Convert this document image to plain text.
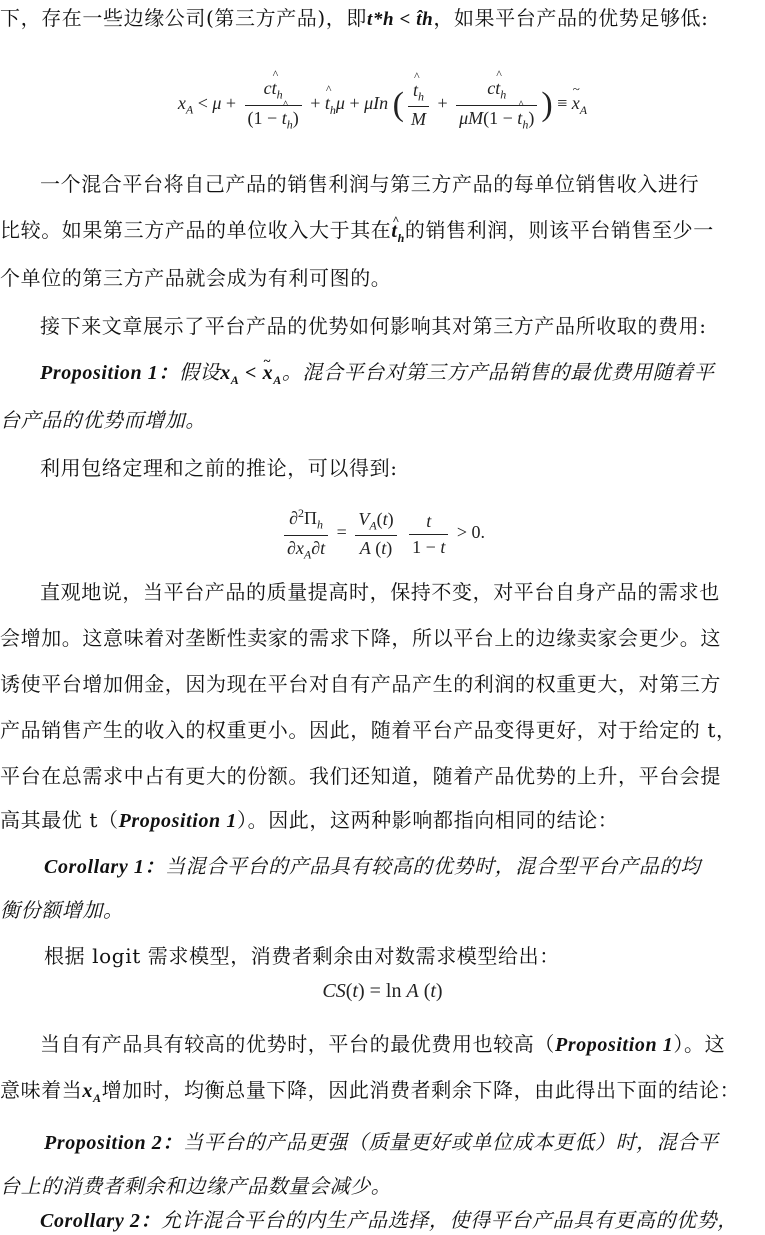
下，存在一些边缘公司(第三方产品)，即t*h < t̂h，如果平台产品的优势足够低:
$x_A < \mu + \frac{ct \^{}_h}{(1 - t \^{}_h)} + t$ $\^{}_h\mu + \mu In$ ( $\frac{t \^{}_h}{M} + \frac{ct \^{}_h}{\mu M(1 - t \^{}_h)}$ ) ≡ x $\sim_A$
一个混合平台将自己产品的销售利润与第三方产品的每单位销售收入进行
比较。如果第三方产品的单位收入大于其在t $\^{}_h$的销售利润，则该平台销售至少一
个单位的第三方产品就会成为有利可图的。
接下来文章展示了平台产品的优势如何影响其对第三方产品所收取的费用:
Proposition 1：假设$x_A < x$ $\sim_A$。混合平台对第三方产品销售的最优费用随着平
台产品的优势而增加。
利用包络定理和之前的推论，可以得到:
$\frac{\partial^2\Pi_h}{\partial x_A\partial t} = \frac{V_A(t)}{A (t)}$
$\frac{t}{1 - t} > 0$.
直观地说，当平台产品的质量提高时，保持不变，对平台自身产品的需求也
会增加。这意味着对垄断性卖家的需求下降，所以平台上的边缘卖家会更少。这
诱使平台增加佣金，因为现在平台对自有产品产生的利润的权重更大，对第三方
产品销售产生的收入的权重更小。因此，随着平台产品变得更好，对于给定的 t，
平台在总需求中占有更大的份额。我们还知道，随着产品优势的上升，平台会提
高其最优 t（Proposition 1）。因此，这两种影响都指向相同的结论：
Corollary 1：当混合平台的产品具有较高的优势时，混合型平台产品的均
衡份额增加。
根据 logit 需求模型，消费者剩余由对数需求模型给出：
CS(t) = ln A (t)
当自有产品具有较高的优势时，平台的最优费用也较高（Proposition 1）。这
意味着当$x_A$增加时，均衡总量下降，因此消费者剩余下降，由此得出下面的结论：
Proposition 2：当平台的产品更强（质量更好或单位成本更低）时，混合平
台上的消费者剩余和边缘产品数量会减少。
Corollary 2：允许混合平台的内生产品选择，使得平台产品具有更高的优势，
